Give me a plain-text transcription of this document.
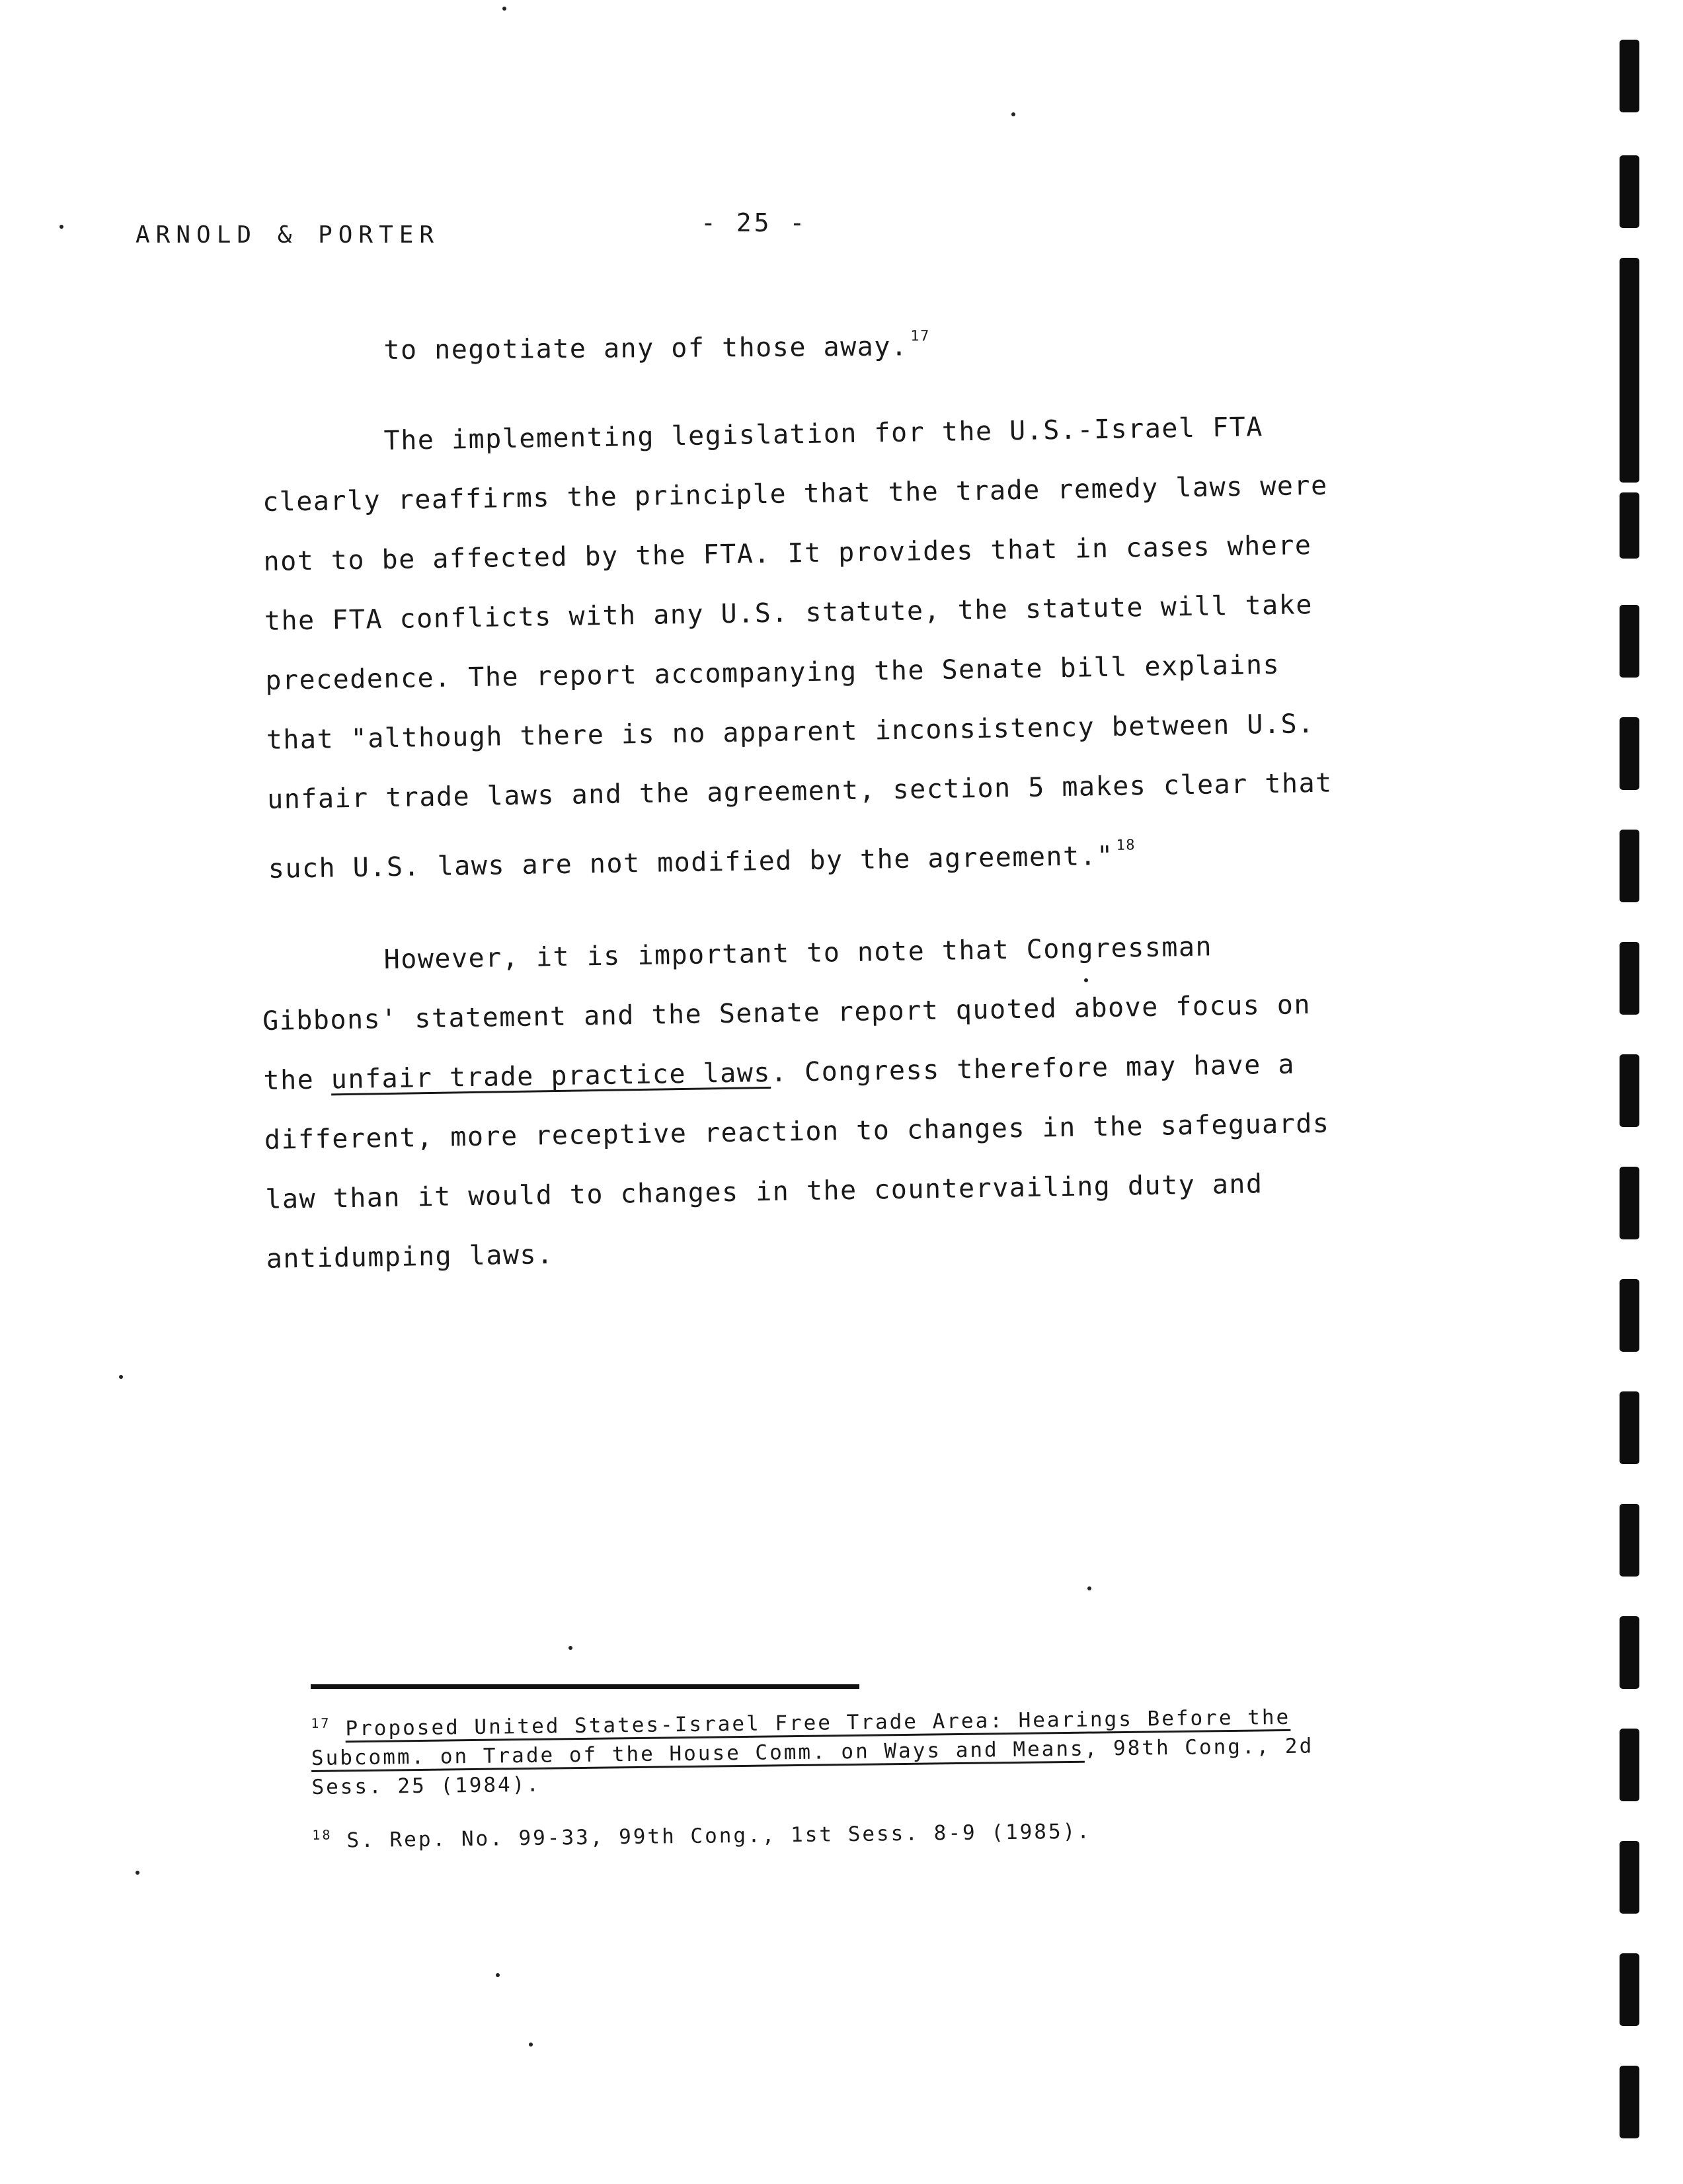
ARNOLD & PORTER	- 25 -

to negotiate any of those away. $^{17}$

The implementing legislation for the U.S.-Israel FTA clearly reaffirms the principle that the trade remedy laws were not to be affected by the FTA. It provides that in cases where the FTA conflicts with any U.S. statute, the statute will take precedence. The report accompanying the Senate bill explains that "although there is no apparent inconsistency between U.S. unfair trade laws and the agreement, section 5 makes clear that such U.S. laws are not modified by the agreement." $^{18}$

However, it is important to note that Congressman Gibbons' statement and the Senate report quoted above focus on the unfair trade practice laws. Congress therefore may have a different, more receptive reaction to changes in the safeguards law than it would to changes in the countervailing duty and antidumping laws.

$^{17}$ Proposed United States-Israel Free Trade Area: Hearings Before the Subcomm. on Trade of the House Comm. on Ways and Means, 98th Cong., 2d Sess. 25 (1984).

$^{18}$ S. Rep. No. 99-33, 99th Cong., 1st Sess. 8-9 (1985).
